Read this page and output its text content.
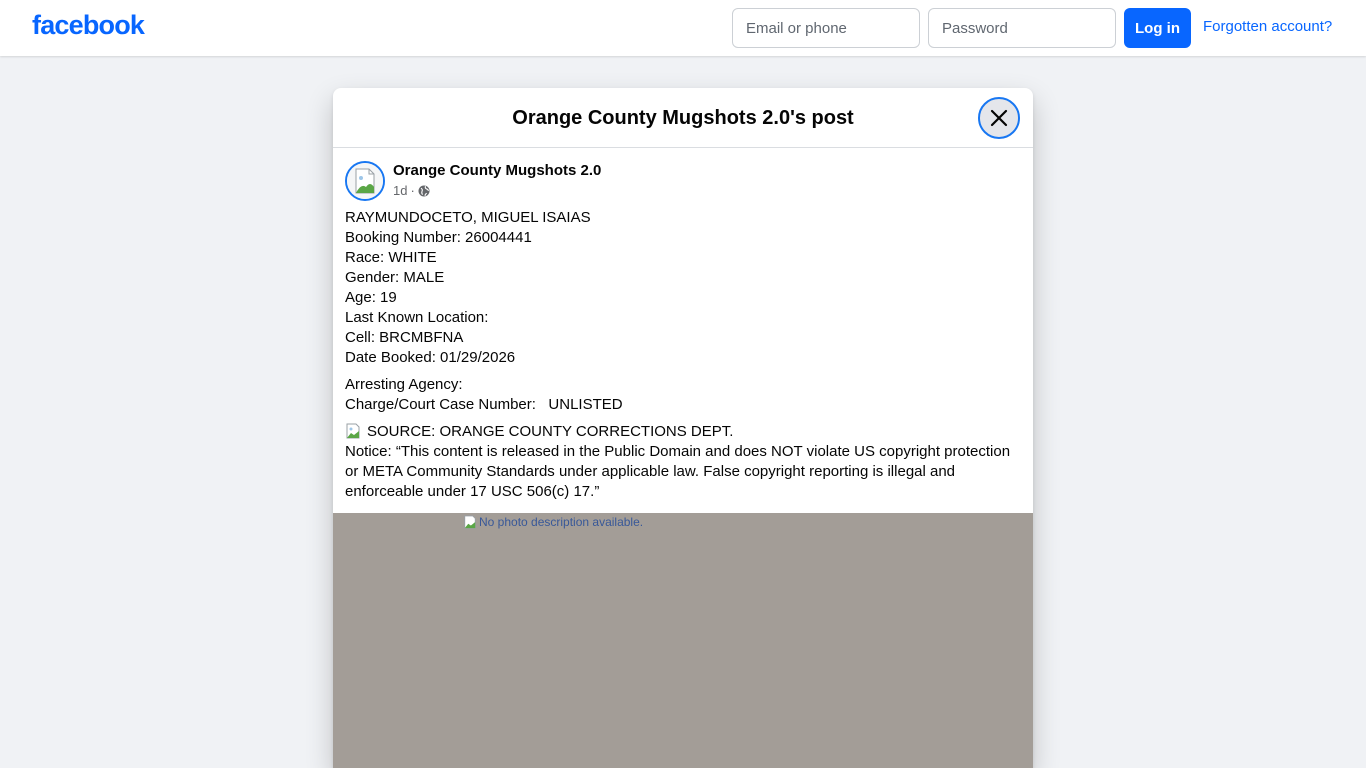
facebook
Email or phone	Log in	Forgotten account?
Orange County Mugshots 2.0's post
Orange County Mugshots 2.0
1d ·
RAYMUNDOCETO, MIGUEL ISAIAS
Booking Number: 26004441
Race: WHITE
Gender: MALE
Age: 19
Last Known Location:
Cell: BRCMBFNA
Date Booked: 01/29/2026
Arresting Agency:
Charge/Court Case Number:   UNLISTED
SOURCE: ORANGE COUNTY CORRECTIONS DEPT.
Notice: “This content is released in the Public Domain and does NOT violate US copyright protection or META Community Standards under applicable law. False copyright reporting is illegal and enforceable under 17 USC 506(c) 17.”
No photo description available.
